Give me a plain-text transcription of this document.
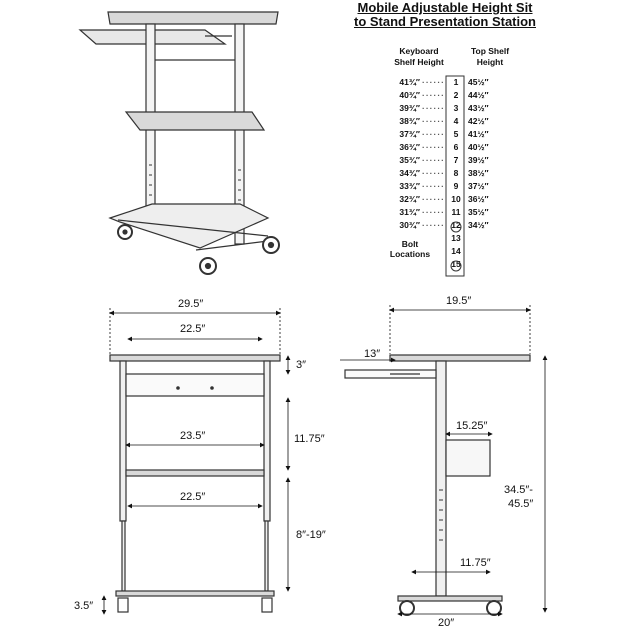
Mobile Adjustable Height Sit
to Stand Presentation Station
Keyboard
Shelf Height
Top Shelf
Height
41¾″ ······	1	45½″
40¾″ ······	2	44½″
39¾″ ······	3	43½″
38¾″ ······	4	42½″
37¾″ ······	5	41½″
36¾″ ······	6	40½″
35¾″ ······	7	39½″
34¾″ ······	8	38½″
33¾″ ······	9	37½″
32¾″ ······ 10 36½″
31¾″ ······ 11 35½″
30¾″ ······ 12 34½″
13
14
15
Bolt
Locations
29.5″
22.5″
23.5″
22.5″
3″
11.75″
8″-19″
3.5″
19.5″
13″
15.25″
11.75″
20″
34.5″-
45.5″
